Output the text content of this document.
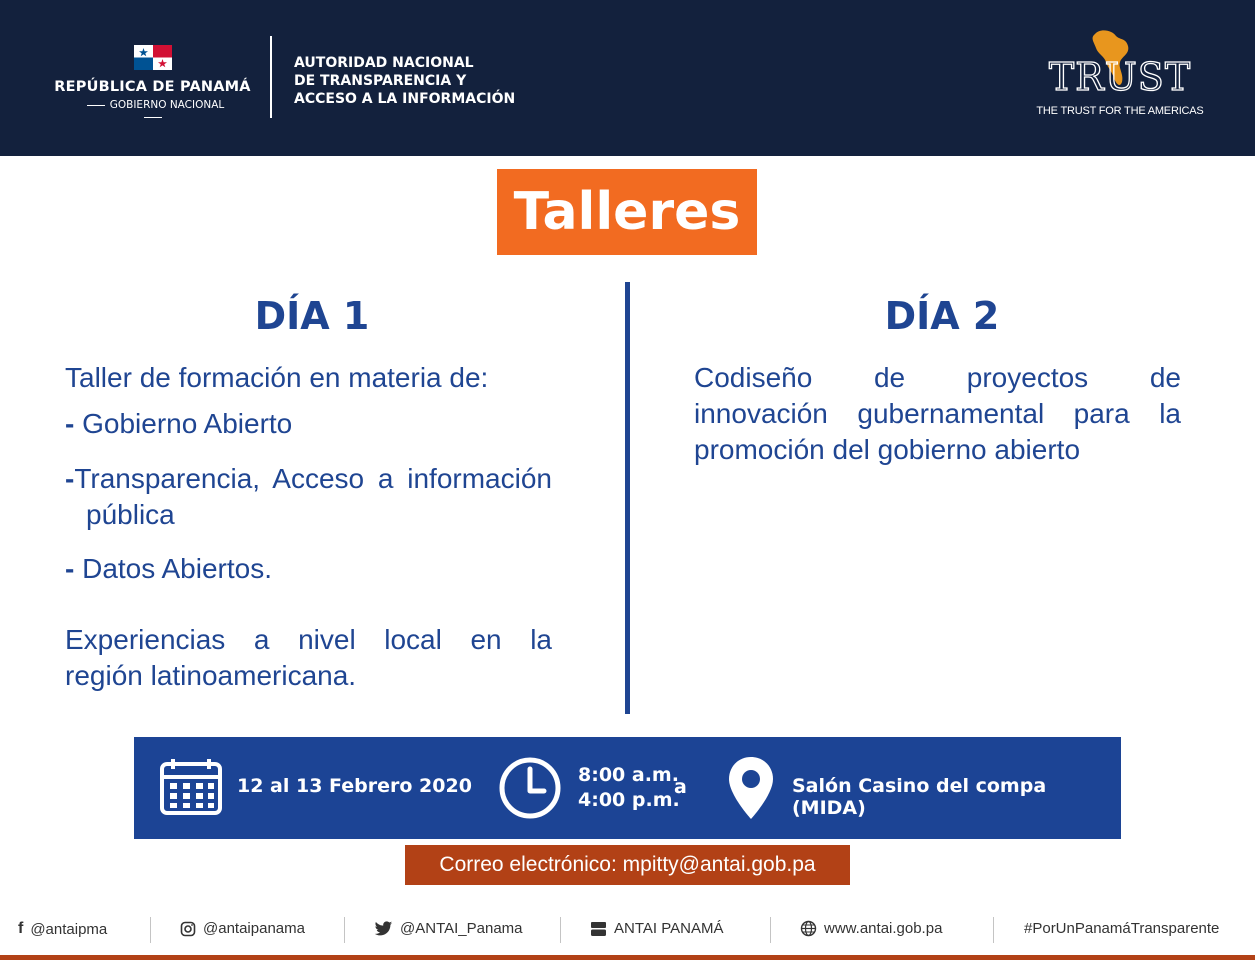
REPÚBLICA DE PANAMÁ
GOBIERNO NACIONAL
AUTORIDAD NACIONAL
DE TRANSPARENCIA Y
ACCESO A LA INFORMACIÓN	TRUST
THE TRUST FOR THE AMERICAS
Talleres
DÍA 1
Taller de formación en materia de:
- Gobierno Abierto
-Transparencia, Acceso a información
pública
- Datos Abiertos.
Experiencias a nivel local en la
región latinoamericana.
DÍA 2
Codiseño de proyectos de
innovación gubernamental para la
promoción del gobierno abierto
12 al 13 Febrero 2020	8:00 a.m.
4:00 p.m.
a	Salón Casino del compa (MIDA)
Correo electrónico: mpitty@antai.gob.pa
f @antaipma	@antaipanama	@ANTAI_Panama	ANTAI PANAMÁ	www.antai.gob.pa	#PorUnPanamáTransparente
